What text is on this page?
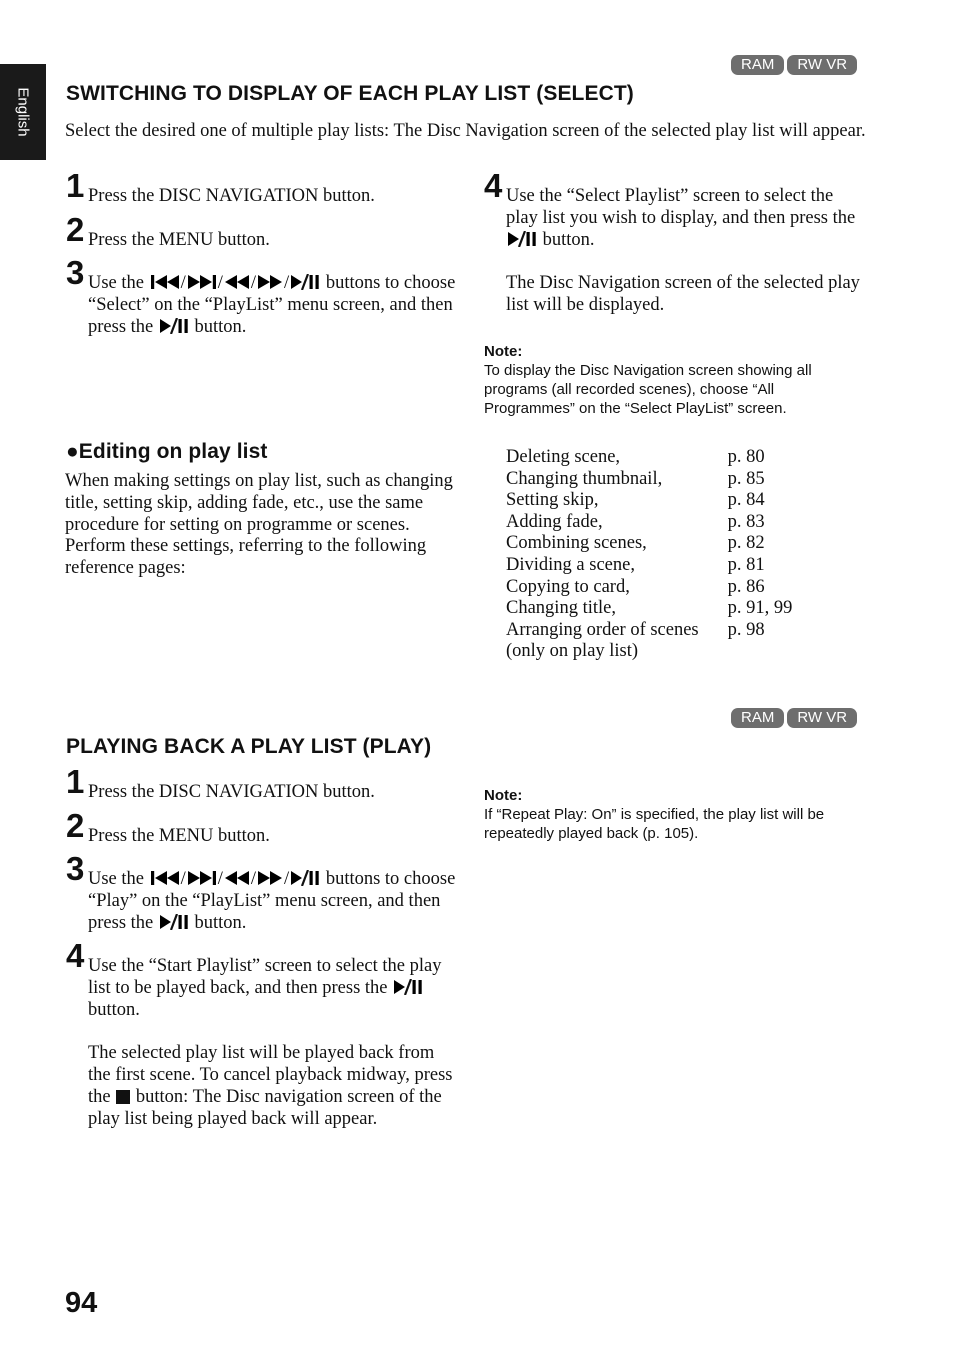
English
RAM	RW VR
SWITCHING TO DISPLAY OF EACH PLAY LIST (SELECT)
Select the desired one of multiple play lists: The Disc Navigation screen of the selected play list will appear.
1 Press the DISC NAVIGATION button.
2 Press the MENU button.
3 Use the / / / / buttons to choose “Select” on the “PlayList” menu screen, and then press the button.
4 Use the “Select Playlist” screen to select the play list you wish to display, and then press the  button.
The Disc Navigation screen of the selected play list will be displayed.
Note:
To display the Disc Navigation screen showing all programs (all recorded scenes), choose “All Programmes” on the “Select PlayList” screen.
●Editing on play list
When making settings on play list, such as changing title, setting skip, adding fade, etc., use the same procedure for setting on programme or scenes. Perform these settings, referring to the following reference pages:
Deleting scene,	p. 80
Changing thumbnail,	p. 85
Setting skip,	p. 84
Adding fade,	p. 83
Combining scenes,	p. 82
Dividing a scene,	p. 81
Copying to card,	p. 86
Changing title,	p. 91, 99
Arranging order of scenes	p. 98
(only on play list)	
RAM	RW VR
PLAYING BACK A PLAY LIST (PLAY)
1 Press the DISC NAVIGATION button.
2 Press the MENU button.
3 Use the / / / / buttons to choose “Play” on the “PlayList” menu screen, and then press the button.
4 Use the “Start Playlist” screen to select the play list to be played back, and then press the  button.
The selected play list will be played back from the first scene. To cancel playback midway, press the button: The Disc navigation screen of the play list being played back will appear.
Note:
If “Repeat Play: On” is specified, the play list will be repeatedly played back (p. 105).
94
